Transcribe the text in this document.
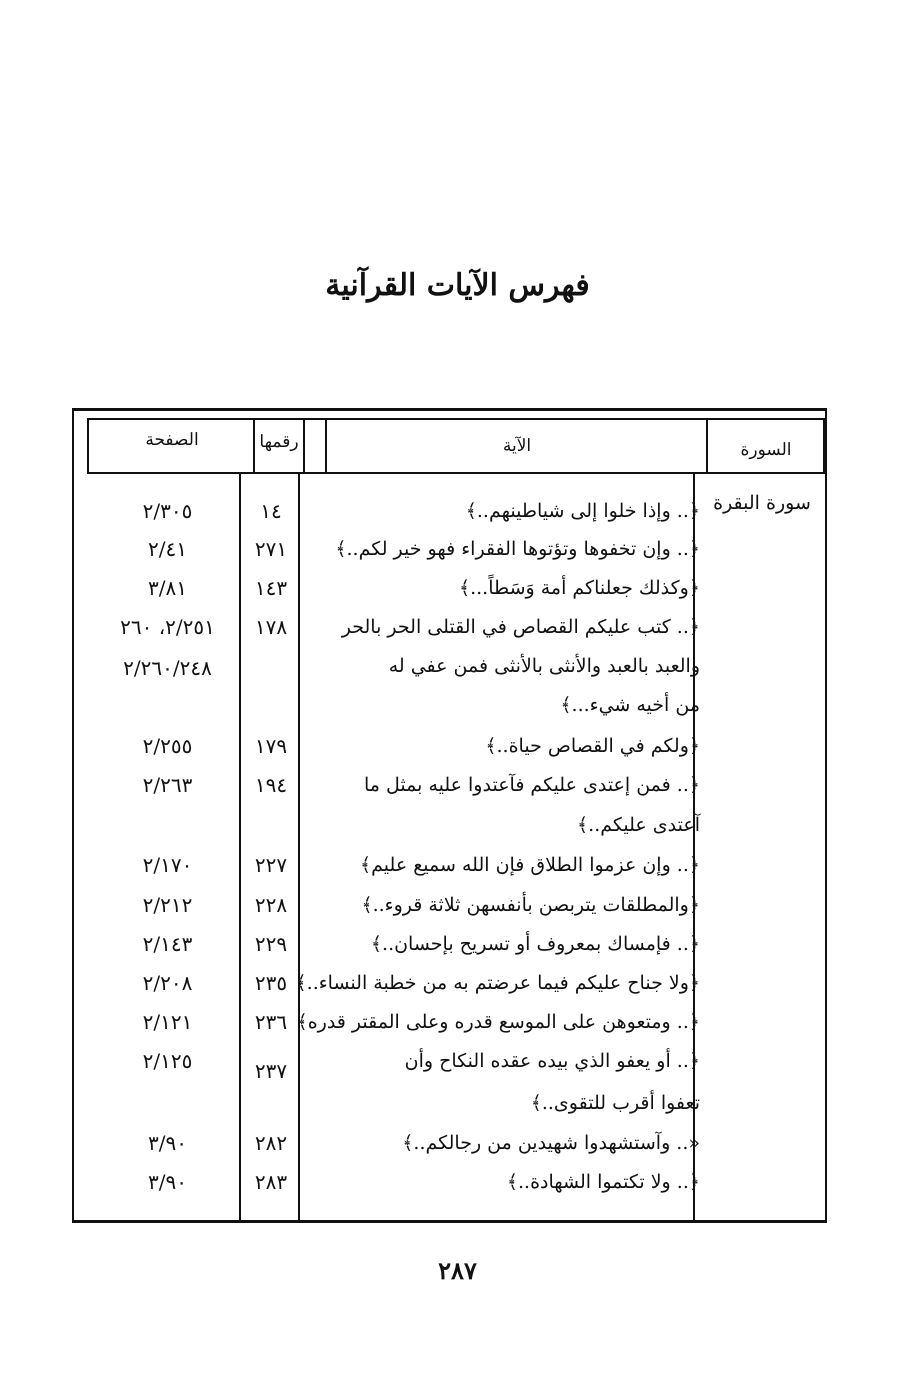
فهرس الآيات القرآنية
السورة
الآية
رقمها
الصفحة
سورة البقرة
﴿.. وإذا خلوا إلى شياطينهم..﴾
١٤
٢/٣٠٥
﴿.. وإن تخفوها وتؤتوها الفقراء فهو خير لكم..﴾
٢٧١
٢/٤١
﴿وكذلك جعلناكم أمة وَسَطاً...﴾
١٤٣
٣/٨١
﴿.. كتب عليكم القصاص في القتلى الحر بالحر
١٧٨
٢/٢٥١، ٢٦٠
والعبد بالعبد والأنثى بالأنثى فمن عفي له
٢/٢٦٠/٢٤٨
من أخيه شيء...﴾
﴿ولكم في القصاص حياة..﴾
١٧٩
٢/٢٥٥
﴿.. فمن إعتدى عليكم فآعتدوا عليه بمثل ما
١٩٤
٢/٢٦٣
آعتدى عليكم..﴾
﴿.. وإن عزموا الطلاق فإن الله سميع عليم﴾
٢٢٧
٢/١٧٠
﴿والمطلقات يتربصن بأنفسهن ثلاثة قروء..﴾
٢٢٨
٢/٢١٢
﴿.. فإمساك بمعروف أو تسريح بإحسان..﴾
٢٢٩
٢/١٤٣
﴿ولا جناح عليكم فيما عرضتم به من خطبة النساء..﴾
٢٣٥
٢/٢٠٨
﴿.. ومتعوهن على الموسع قدره وعلى المقتر قدره﴾
٢٣٦
٢/١٢١
﴿.. أو يعفو الذي بيده عقده النكاح وأن
٢٣٧
٢/١٢٥
تعفوا أقرب للتقوى..﴾
«.. وآستشهدوا شهيدين من رجالكم..﴾
٢٨٢
٣/٩٠
﴿.. ولا تكتموا الشهادة..﴾
٢٨٣
٣/٩٠
٢٨٧
